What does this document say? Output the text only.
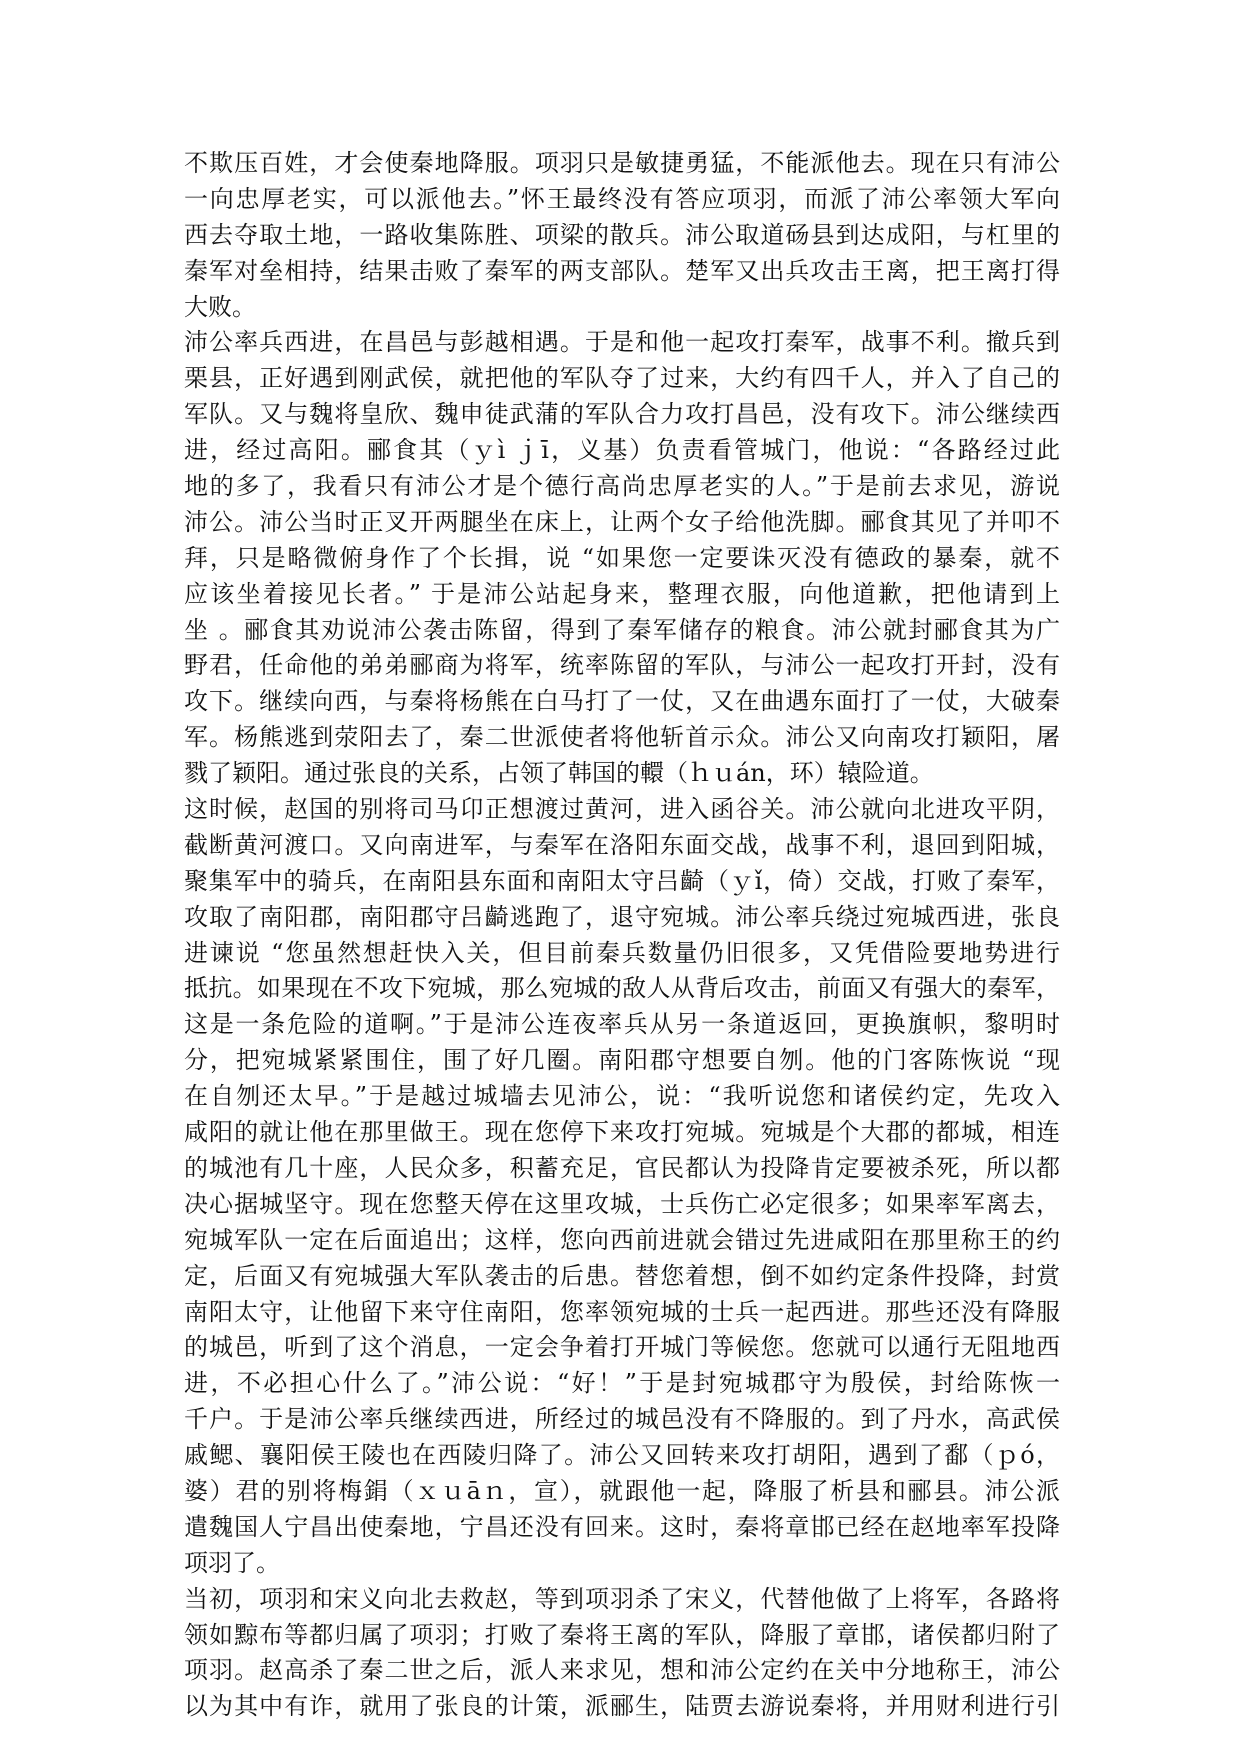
不欺压百姓，才会使秦地降服。项羽只是敏捷勇猛，不能派他去。现在只有沛公
一向忠厚老实，可以派他去。”怀王最终没有答应项羽，而派了沛公率领大军向
西去夺取土地，一路收集陈胜、项梁的散兵。沛公取道砀县到达成阳，与杠里的
秦军对垒相持，结果击败了秦军的两支部队。楚军又出兵攻击王离，把王离打得
大败。
沛公率兵西进，在昌邑与彭越相遇。于是和他一起攻打秦军，战事不利。撤兵到
栗县，正好遇到刚武侯，就把他的军队夺了过来，大约有四千人，并入了自己的
军队。又与魏将皇欣、魏申徒武蒲的军队合力攻打昌邑，没有攻下。沛公继续西
进，经过高阳。郦食其（ｙì ｊī，义基）负责看管城门，他说：“各路经过此
地的多了，我看只有沛公才是个德行高尚忠厚老实的人。”于是前去求见，游说
沛公。沛公当时正叉开两腿坐在床上，让两个女子给他洗脚。郦食其见了并叩不
拜，只是略微俯身作了个长揖，说 “如果您一定要诛灭没有德政的暴秦，就不
应该坐着接见长者。” 于是沛公站起身来，整理衣服，向他道歉，把他请到上
坐 。郦食其劝说沛公袭击陈留，得到了秦军储存的粮食。沛公就封郦食其为广
野君，任命他的弟弟郦商为将军，统率陈留的军队，与沛公一起攻打开封，没有
攻下。继续向西，与秦将杨熊在白马打了一仗，又在曲遇东面打了一仗，大破秦
军。杨熊逃到荥阳去了，秦二世派使者将他斩首示众。沛公又向南攻打颖阳，屠
戮了颖阳。通过张良的关系，占领了韩国的轘（ｈｕán，环）辕险道。
这时候，赵国的别将司马卬正想渡过黄河，进入函谷关。沛公就向北进攻平阴，
截断黄河渡口。又向南进军，与秦军在洛阳东面交战，战事不利，退回到阳城，
聚集军中的骑兵，在南阳县东面和南阳太守吕齮（ｙǐ，倚）交战，打败了秦军，
攻取了南阳郡，南阳郡守吕齮逃跑了，退守宛城。沛公率兵绕过宛城西进，张良
进谏说 “您虽然想赶快入关，但目前秦兵数量仍旧很多，又凭借险要地势进行
抵抗。如果现在不攻下宛城，那么宛城的敌人从背后攻击，前面又有强大的秦军，
这是一条危险的道啊。”于是沛公连夜率兵从另一条道返回，更换旗帜，黎明时
分，把宛城紧紧围住，围了好几圈。南阳郡守想要自刎。他的门客陈恢说 “现
在自刎还太早。”于是越过城墙去见沛公，说：“我听说您和诸侯约定，先攻入
咸阳的就让他在那里做王。现在您停下来攻打宛城。宛城是个大郡的都城，相连
的城池有几十座，人民众多，积蓄充足，官民都认为投降肯定要被杀死，所以都
决心据城坚守。现在您整天停在这里攻城，士兵伤亡必定很多；如果率军离去，
宛城军队一定在后面追出；这样，您向西前进就会错过先进咸阳在那里称王的约
定，后面又有宛城强大军队袭击的后患。替您着想，倒不如约定条件投降，封赏
南阳太守，让他留下来守住南阳，您率领宛城的士兵一起西进。那些还没有降服
的城邑，听到了这个消息，一定会争着打开城门等候您。您就可以通行无阻地西
进，不必担心什么了。”沛公说：“好！”于是封宛城郡守为殷侯，封给陈恢一
千户。于是沛公率兵继续西进，所经过的城邑没有不降服的。到了丹水，高武侯
戚鳃、襄阳侯王陵也在西陵归降了。沛公又回转来攻打胡阳，遇到了鄱（ｐó，
婆）君的别将梅鋗（ｘｕāｎ，宣），就跟他一起，降服了析县和郦县。沛公派
遣魏国人宁昌出使秦地，宁昌还没有回来。这时，秦将章邯已经在赵地率军投降
项羽了。
当初，项羽和宋义向北去救赵，等到项羽杀了宋义，代替他做了上将军，各路将
领如黥布等都归属了项羽；打败了秦将王离的军队，降服了章邯，诸侯都归附了
项羽。赵高杀了秦二世之后，派人来求见，想和沛公定约在关中分地称王，沛公
以为其中有诈，就用了张良的计策，派郦生，陆贾去游说秦将，并用财利进行引
